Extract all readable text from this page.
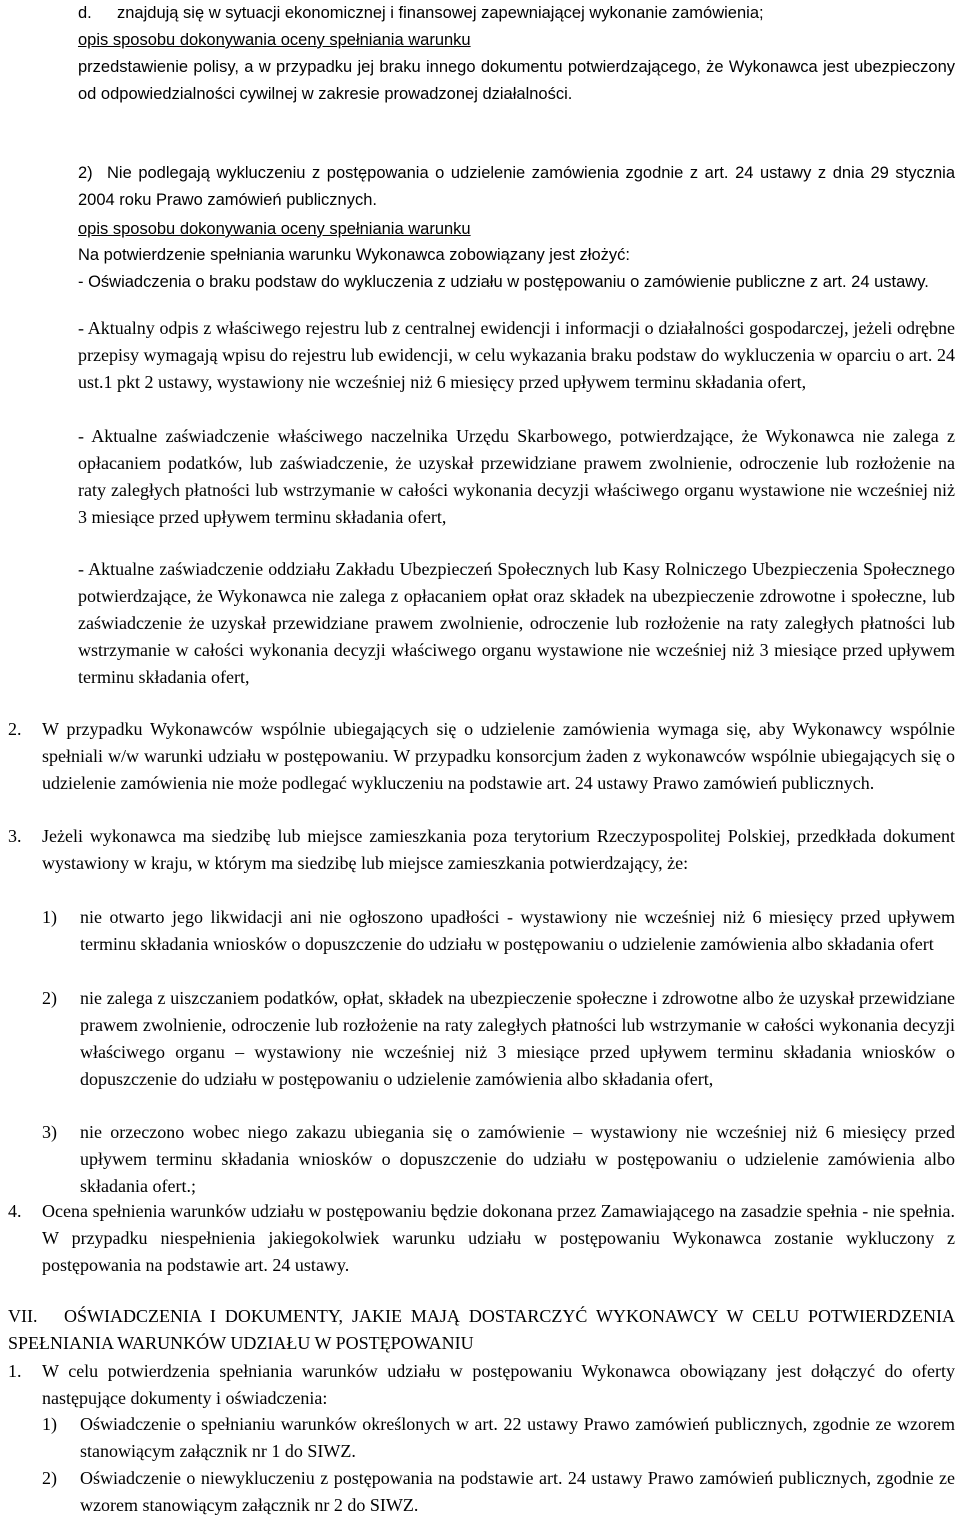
d. znajdują się w sytuacji ekonomicznej i finansowej zapewniającej wykonanie zamówienia;

opis sposobu dokonywania oceny spełniania warunku

przedstawienie polisy, a w przypadku jej braku innego dokumentu potwierdzającego, że Wykonawca jest ubezpieczony od odpowiedzialności cywilnej w zakresie prowadzonej działalności.

2) Nie podlegają wykluczeniu z postępowania o udzielenie zamówienia zgodnie z art. 24 ustawy z dnia 29 stycznia 2004 roku Prawo zamówień publicznych.

opis sposobu dokonywania oceny spełniania warunku

Na potwierdzenie spełniania warunku Wykonawca zobowiązany jest złożyć:

- Oświadczenia o braku podstaw do wykluczenia z udziału w postępowaniu o zamówienie publiczne z art. 24 ustawy.

- Aktualny odpis z właściwego rejestru lub z centralnej ewidencji i informacji o działalności gospodarczej, jeżeli odrębne przepisy wymagają wpisu do rejestru lub ewidencji, w celu wykazania braku podstaw do wykluczenia w oparciu o art. 24 ust.1 pkt 2 ustawy, wystawiony nie wcześniej niż 6 miesięcy przed upływem terminu składania ofert,

- Aktualne zaświadczenie właściwego naczelnika Urzędu Skarbowego, potwierdzające, że Wykonawca nie zalega z opłacaniem podatków, lub zaświadczenie, że uzyskał przewidziane prawem zwolnienie, odroczenie lub rozłożenie na raty zaległych płatności lub wstrzymanie w całości wykonania decyzji właściwego organu wystawione nie wcześniej niż 3 miesiące przed upływem terminu składania ofert,

- Aktualne zaświadczenie oddziału Zakładu Ubezpieczeń Społecznych lub Kasy Rolniczego Ubezpieczenia Społecznego potwierdzające, że Wykonawca nie zalega z opłacaniem opłat oraz składek na ubezpieczenie zdrowotne i społeczne, lub zaświadczenie że uzyskał przewidziane prawem zwolnienie, odroczenie lub rozłożenie na raty zaległych płatności lub wstrzymanie w całości wykonania decyzji właściwego organu wystawione nie wcześniej niż 3 miesiące przed upływem terminu składania ofert,

2. W przypadku Wykonawców wspólnie ubiegających się o udzielenie zamówienia wymaga się, aby Wykonawcy wspólnie spełniali w/w warunki udziału w postępowaniu. W przypadku konsorcjum żaden z wykonawców wspólnie ubiegających się o udzielenie zamówienia nie może podlegać wykluczeniu na podstawie art. 24 ustawy Prawo zamówień publicznych.

3. Jeżeli wykonawca ma siedzibę lub miejsce zamieszkania poza terytorium Rzeczypospolitej Polskiej, przedkłada dokument wystawiony w kraju, w którym ma siedzibę lub miejsce zamieszkania potwierdzający, że:

1) nie otwarto jego likwidacji ani nie ogłoszono upadłości - wystawiony nie wcześniej niż 6 miesięcy przed upływem terminu składania wniosków o dopuszczenie do udziału w postępowaniu o udzielenie zamówienia albo składania ofert

2) nie zalega z uiszczaniem podatków, opłat, składek na ubezpieczenie społeczne i zdrowotne albo że uzyskał przewidziane prawem zwolnienie, odroczenie lub rozłożenie na raty zaległych płatności lub wstrzymanie w całości wykonania decyzji właściwego organu – wystawiony nie wcześniej niż 3 miesiące przed upływem terminu składania wniosków o dopuszczenie do udziału w postępowaniu o udzielenie zamówienia albo składania ofert,

3) nie orzeczono wobec niego zakazu ubiegania się o zamówienie – wystawiony nie wcześniej niż 6 miesięcy przed upływem terminu składania wniosków o dopuszczenie do udziału w postępowaniu o udzielenie zamówienia albo składania ofert.;

4. Ocena spełnienia warunków udziału w postępowaniu będzie dokonana przez Zamawiającego na zasadzie spełnia - nie spełnia. W przypadku niespełnienia jakiegokolwiek warunku udziału w postępowaniu Wykonawca zostanie wykluczony z postępowania na podstawie art. 24 ustawy.

VII.	OŚWIADCZENIA I DOKUMENTY, JAKIE MAJĄ DOSTARCZYĆ WYKONAWCY W CELU POTWIERDZENIA SPEŁNIANIA WARUNKÓW UDZIAŁU W POSTĘPOWANIU

1. W celu potwierdzenia spełniania warunków udziału w postępowaniu Wykonawca obowiązany jest dołączyć do oferty następujące dokumenty i oświadczenia:

1) Oświadczenie o spełnianiu warunków określonych w art. 22 ustawy Prawo zamówień publicznych, zgodnie ze wzorem stanowiącym załącznik nr 1 do SIWZ.

2) Oświadczenie o niewykluczeniu z postępowania na podstawie art. 24 ustawy Prawo zamówień publicznych, zgodnie ze wzorem stanowiącym załącznik nr 2 do SIWZ.
